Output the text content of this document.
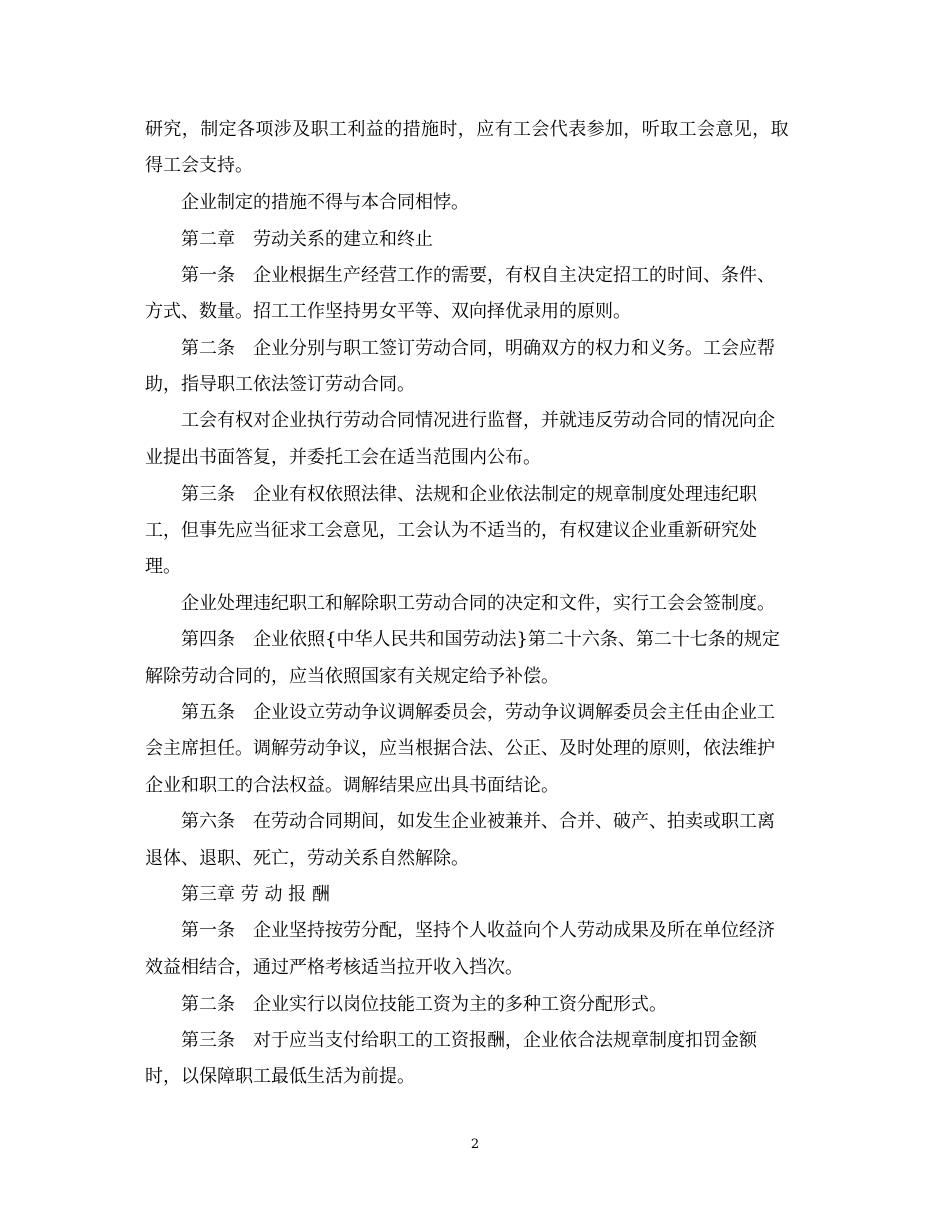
研究，制定各项涉及职工利益的措施时，应有工会代表参加，听取工会意见，取
得工会支持。
企业制定的措施不得与本合同相悖。
第二章　劳动关系的建立和终止
第一条　企业根据生产经营工作的需要，有权自主决定招工的时间、条件、
方式、数量。招工工作坚持男女平等、双向择优录用的原则。
第二条　企业分别与职工签订劳动合同，明确双方的权力和义务。工会应帮
助，指导职工依法签订劳动合同。
工会有权对企业执行劳动合同情况进行监督，并就违反劳动合同的情况向企
业提出书面答复，并委托工会在适当范围内公布。
第三条　企业有权依照法律、法规和企业依法制定的规章制度处理违纪职
工，但事先应当征求工会意见，工会认为不适当的，有权建议企业重新研究处
理。
企业处理违纪职工和解除职工劳动合同的决定和文件，实行工会会签制度。
第四条　企业依照{中华人民共和国劳动法}第二十六条、第二十七条的规定
解除劳动合同的，应当依照国家有关规定给予补偿。
第五条　企业设立劳动争议调解委员会，劳动争议调解委员会主任由企业工
会主席担任。调解劳动争议，应当根据合法、公正、及时处理的原则，依法维护
企业和职工的合法权益。调解结果应出具书面结论。
第六条　在劳动合同期间，如发生企业被兼并、合并、破产、拍卖或职工离
退体、退职、死亡，劳动关系自然解除。
第三章 劳 动 报 酬
第一条　企业坚持按劳分配，坚持个人收益向个人劳动成果及所在单位经济
效益相结合，通过严格考核适当拉开收入挡次。
第二条　企业实行以岗位技能工资为主的多种工资分配形式。
第三条　对于应当支付给职工的工资报酬，企业依合法规章制度扣罚金额
时，以保障职工最低生活为前提。
2
